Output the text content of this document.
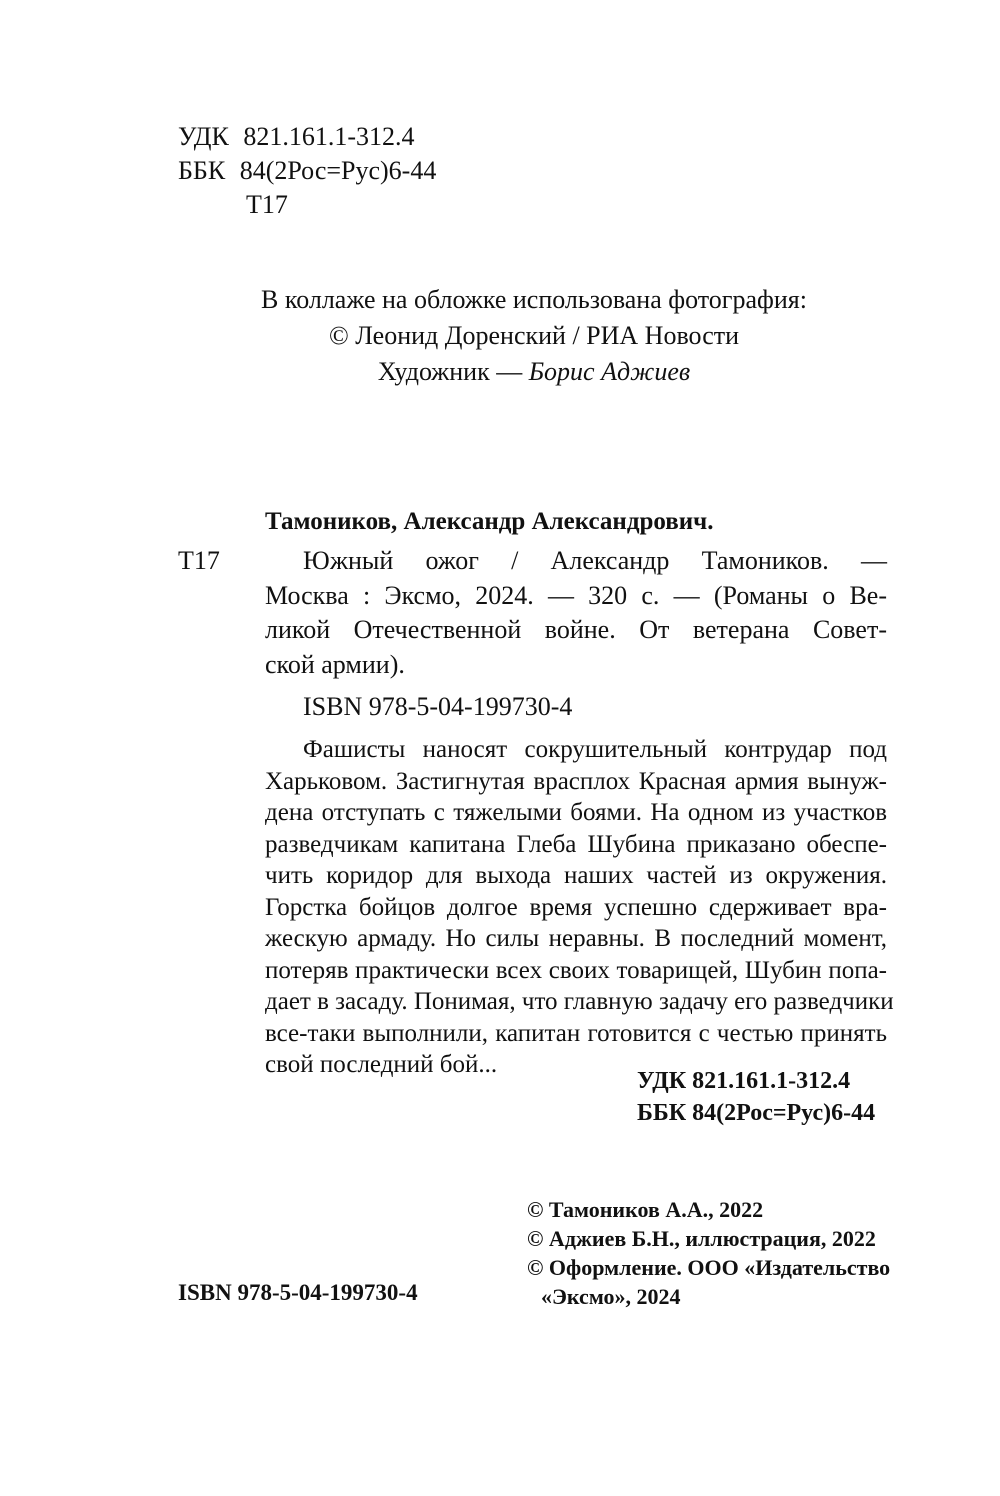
УДК 821.161.1-312.4
ББК 84(2Рос=Рус)6-44
Т17
В коллаже на обложке использована фотография:
© Леонид Доренский / РИА Новости
Художник — Борис Аджиев
Тамоников, Александр Александрович.
Т17	Южный ожог / Александр Тамоников. —
Москва : Эксмо, 2024. — 320 с. — (Романы о Ве-
ликой Отечественной войне. От ветерана Совет-
ской армии).
ISBN 978-5-04-199730-4
Фашисты наносят сокрушительный контрудар под
Харьковом. Застигнутая врасплох Красная армия вынуж-
дена отступать с тяжелыми боями. На одном из участков
разведчикам капитана Глеба Шубина приказано обеспе-
чить коридор для выхода наших частей из окружения.
Горстка бойцов долгое время успешно сдерживает вра-
жескую армаду. Но силы неравны. В последний момент,
потеряв практически всех своих товарищей, Шубин попа-
дает в засаду. Понимая, что главную задачу его разведчики
все-таки выполнили, капитан готовится с честью принять
свой последний бой...
УДК 821.161.1-312.4
ББК 84(2Рос=Рус)6-44
© Тамоников А.А., 2022
© Аджиев Б.Н., иллюстрация, 2022
© Оформление. ООО «Издательство
«Эксмо», 2024
ISBN 978-5-04-199730-4
